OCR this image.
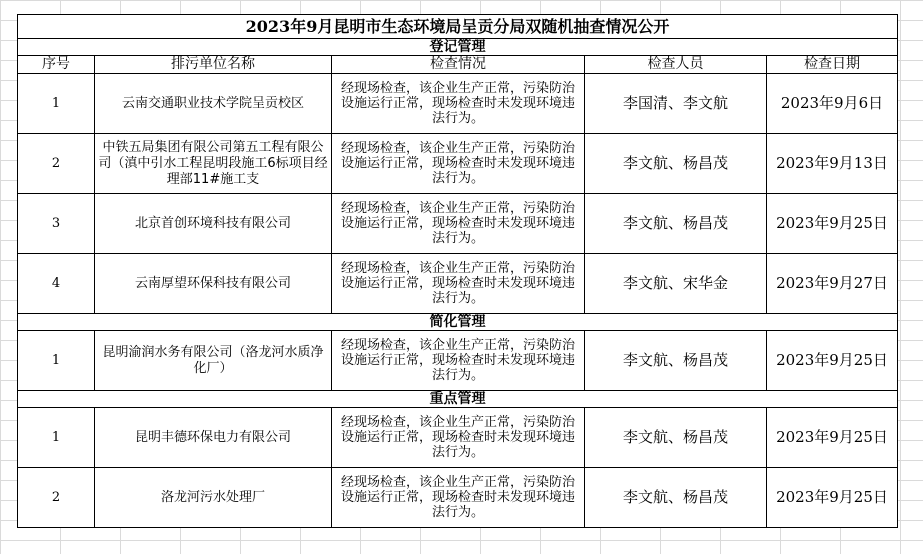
2023年9月昆明市生态环境局呈贡分局双随机抽查情况公开				
登记管理				
序号	排污单位名称	检查情况	检查人员	检查日期
1	云南交通职业技术学院呈贡校区	经现场检查，该企业生产正常，污染防治设施运行正常，现场检查时未发现环境违法行为。	李国清、李文航	2023年9月6日
2	中铁五局集团有限公司第五工程有限公司（滇中引水工程昆明段施工6标项目经理部11#施工支	经现场检查，该企业生产正常，污染防治设施运行正常，现场检查时未发现环境违法行为。	李文航、杨昌茂	2023年9月13日
3	北京首创环境科技有限公司	经现场检查，该企业生产正常，污染防治设施运行正常，现场检查时未发现环境违法行为。	李文航、杨昌茂	2023年9月25日
4	云南厚望环保科技有限公司	经现场检查，该企业生产正常，污染防治设施运行正常，现场检查时未发现环境违法行为。	李文航、宋华金	2023年9月27日
简化管理				
1	昆明渝润水务有限公司（洛龙河水质净化厂）	经现场检查，该企业生产正常，污染防治设施运行正常，现场检查时未发现环境违法行为。	李文航、杨昌茂	2023年9月25日
重点管理				
1	昆明丰德环保电力有限公司	经现场检查，该企业生产正常，污染防治设施运行正常，现场检查时未发现环境违法行为。	李文航、杨昌茂	2023年9月25日
2	洛龙河污水处理厂	经现场检查，该企业生产正常，污染防治设施运行正常，现场检查时未发现环境违法行为。	李文航、杨昌茂	2023年9月25日
